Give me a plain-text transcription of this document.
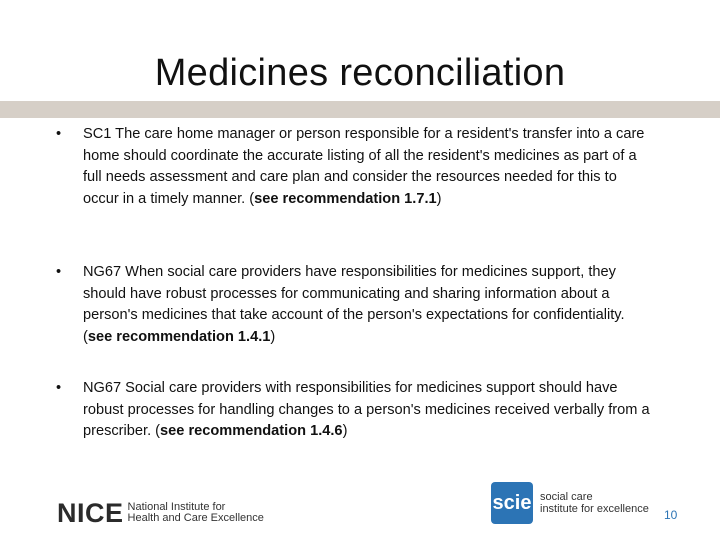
Medicines reconciliation
• SC1 The care home manager or person responsible for a resident's transfer into a care home should coordinate the accurate listing of all the resident's medicines as part of a full needs assessment and care plan and consider the resources needed for this to occur in a timely manner. (see recommendation 1.7.1)
• NG67 When social care providers have responsibilities for medicines support, they should have robust processes for communicating and sharing information about a person's medicines that take account of the person's expectations for confidentiality. (see recommendation 1.4.1)
• NG67 Social care providers with responsibilities for medicines support should have robust processes for handling changes to a person's medicines received verbally from a prescriber. (see recommendation 1.4.6)
NICE National Institute for
Health and Care Excellence
scie social care
institute for excellence 10
